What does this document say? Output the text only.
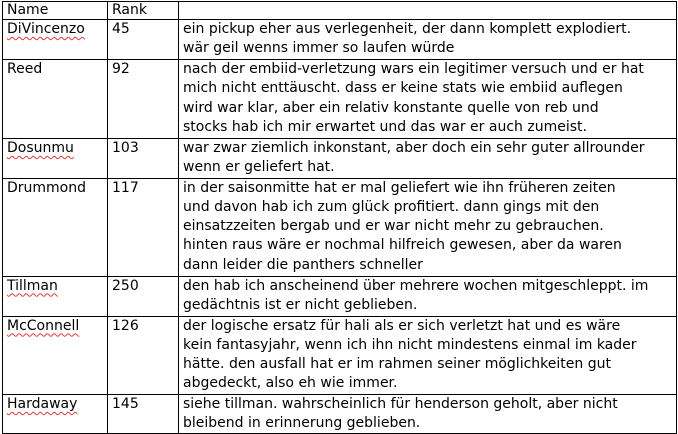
Name	Rank	
DiVincenzo	45	ein pickup eher aus verlegenheit, der dann komplett explodiert.
wär geil wenns immer so laufen würde

Reed	92	nach der embiid-verletzung wars ein legitimer versuch und er hat
mich nicht enttäuscht. dass er keine stats wie embiid auflegen
wird war klar, aber ein relativ konstante quelle von reb und
stocks hab ich mir erwartet und das war er auch zumeist.

Dosunmu	103	war zwar ziemlich inkonstant, aber doch ein sehr guter allrounder
wenn er geliefert hat.

Drummond	117	in der saisonmitte hat er mal geliefert wie ihn früheren zeiten
und davon hab ich zum glück profitiert. dann gings mit den
einsatzzeiten bergab und er war nicht mehr zu gebrauchen.
hinten raus wäre er nochmal hilfreich gewesen, aber da waren
dann leider die panthers schneller

Tillman	250	den hab ich anscheinend über mehrere wochen mitgeschleppt. im
gedächtnis ist er nicht geblieben.

McConnell	126	der logische ersatz für hali als er sich verletzt hat und es wäre
kein fantasyjahr, wenn ich ihn nicht mindestens einmal im kader
hätte. den ausfall hat er im rahmen seiner möglichkeiten gut
abgedeckt, also eh wie immer.

Hardaway	145	siehe tillman. wahrscheinlich für henderson geholt, aber nicht
bleibend in erinnerung geblieben.
